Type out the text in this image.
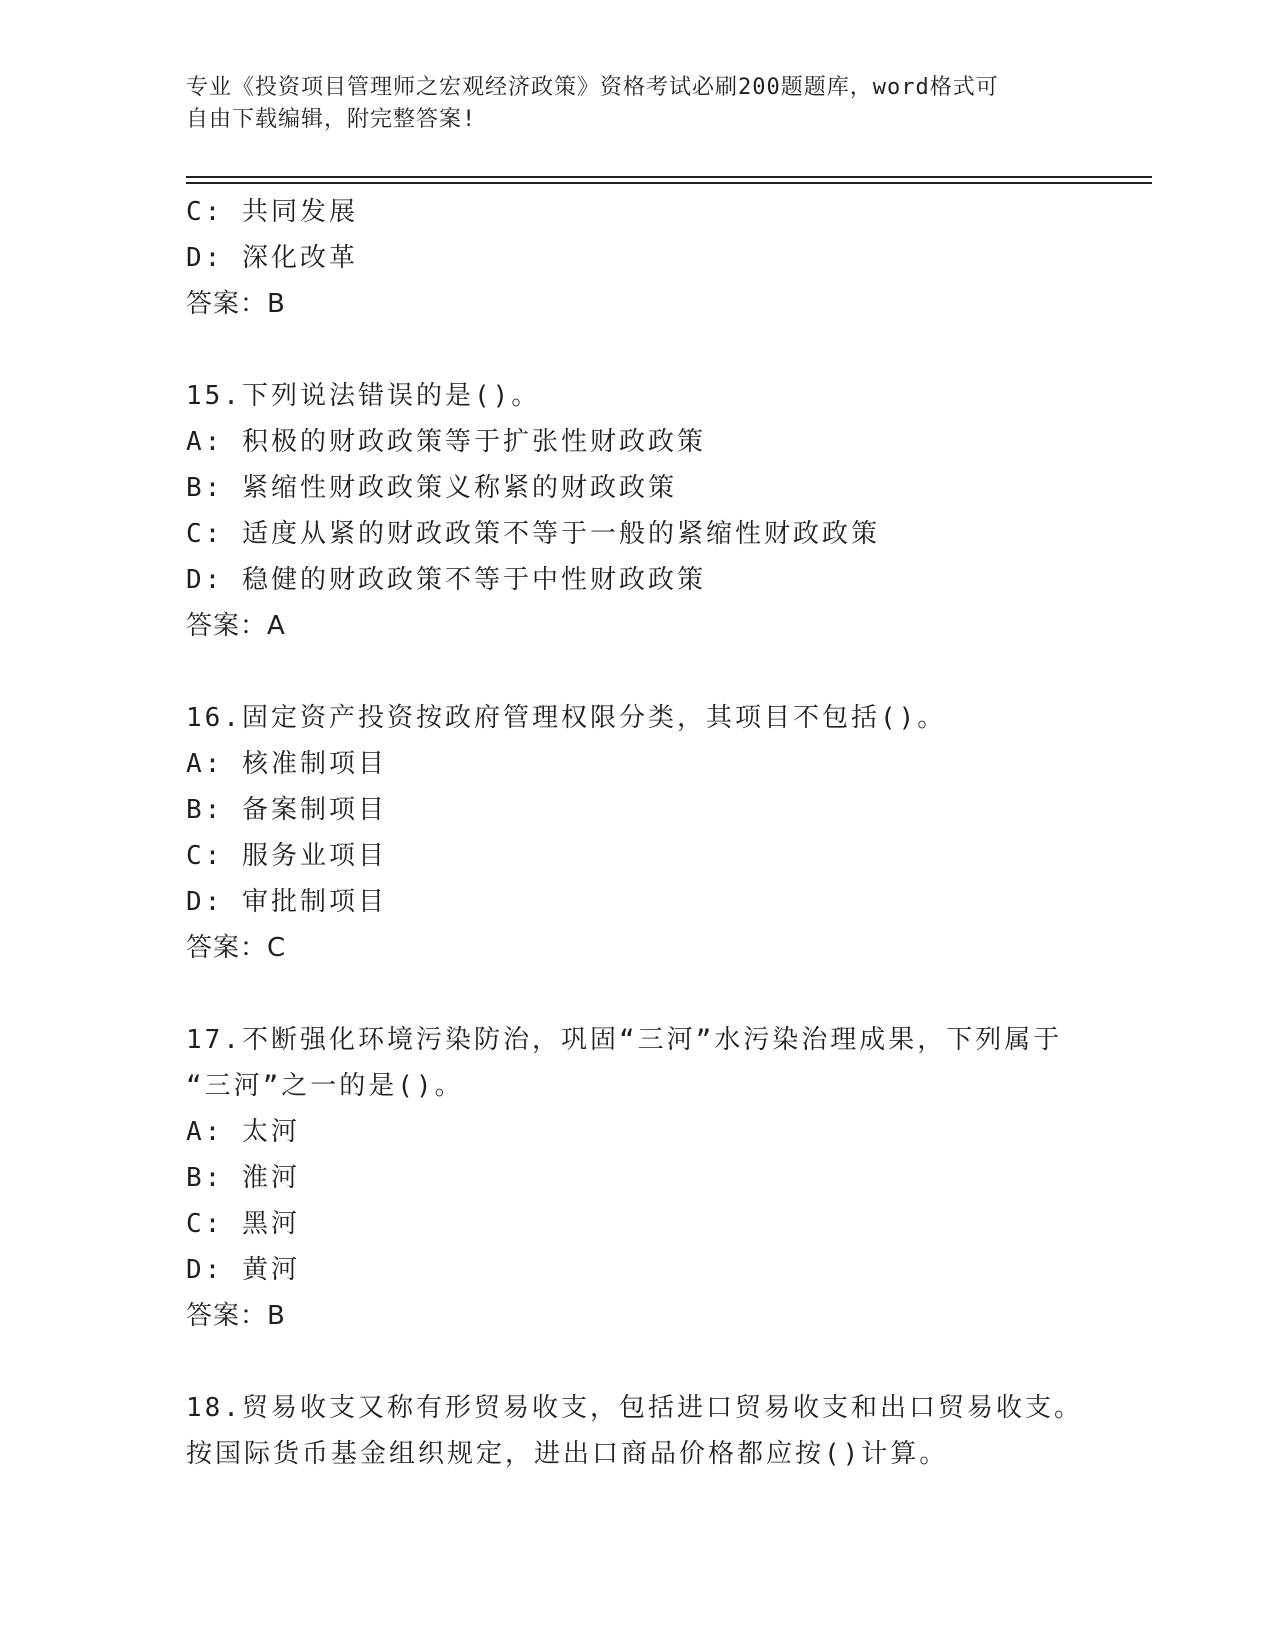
专业《投资项目管理师之宏观经济政策》资格考试必刷200题题库，word格式可
自由下载编辑，附完整答案!
C: 共同发展
D: 深化改革
答案：B
15.下列说法错误的是()。
A: 积极的财政政策等于扩张性财政政策
B: 紧缩性财政政策义称紧的财政政策
C: 适度从紧的财政政策不等于一般的紧缩性财政政策
D: 稳健的财政政策不等于中性财政政策
答案：A
16.固定资产投资按政府管理权限分类，其项目不包括()。
A: 核准制项目
B: 备案制项目
C: 服务业项目
D: 审批制项目
答案：C
17.不断强化环境污染防治，巩固“三河”水污染治理成果，下列属于
“三河”之一的是()。
A: 太河
B: 淮河
C: 黑河
D: 黄河
答案：B
18.贸易收支又称有形贸易收支，包括进口贸易收支和出口贸易收支。
按国际货币基金组织规定，进出口商品价格都应按()计算。
